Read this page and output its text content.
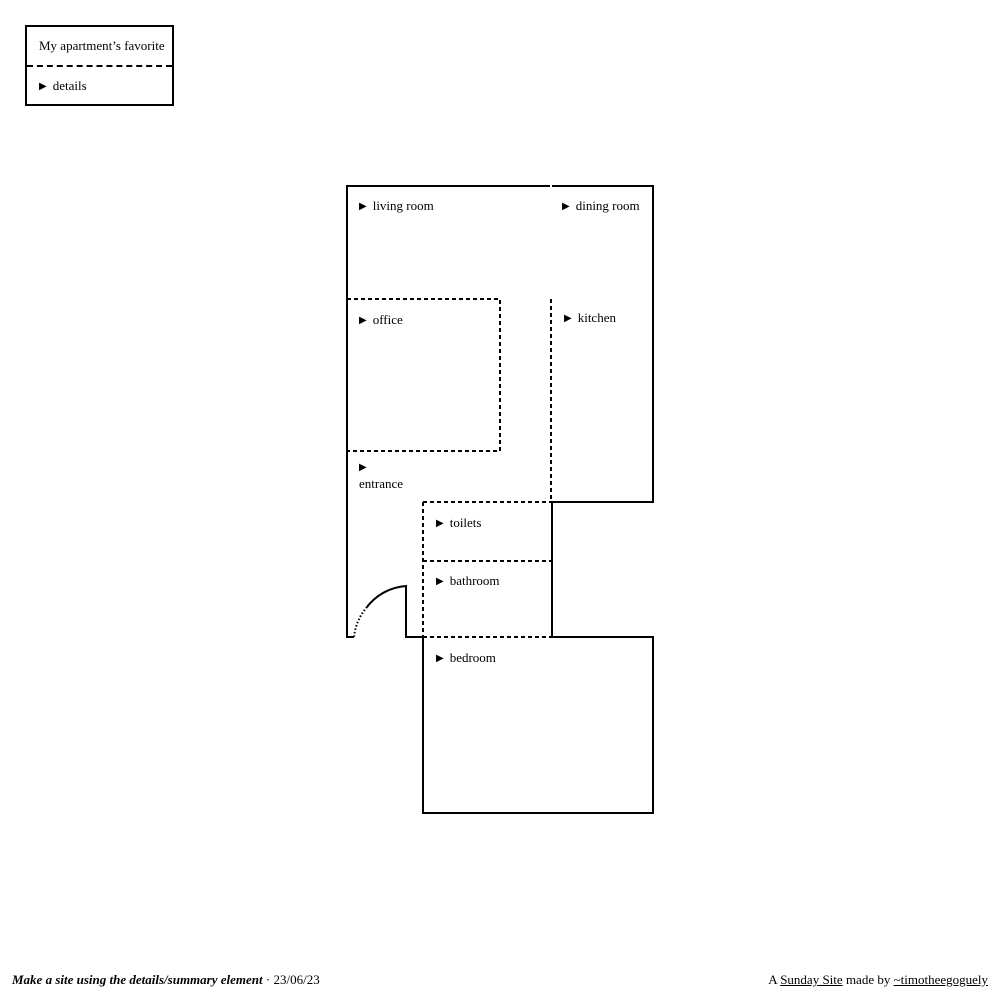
My apartment’s favorite
▶ details
▶ living room	▶ dining room
▶ office	▶ kitchen
▶
entrance
▶ toilets
▶ bathroom
▶ bedroom
Make a site using the details/summary element · 23/06/23	A Sunday Site made by ~timotheegoguely
